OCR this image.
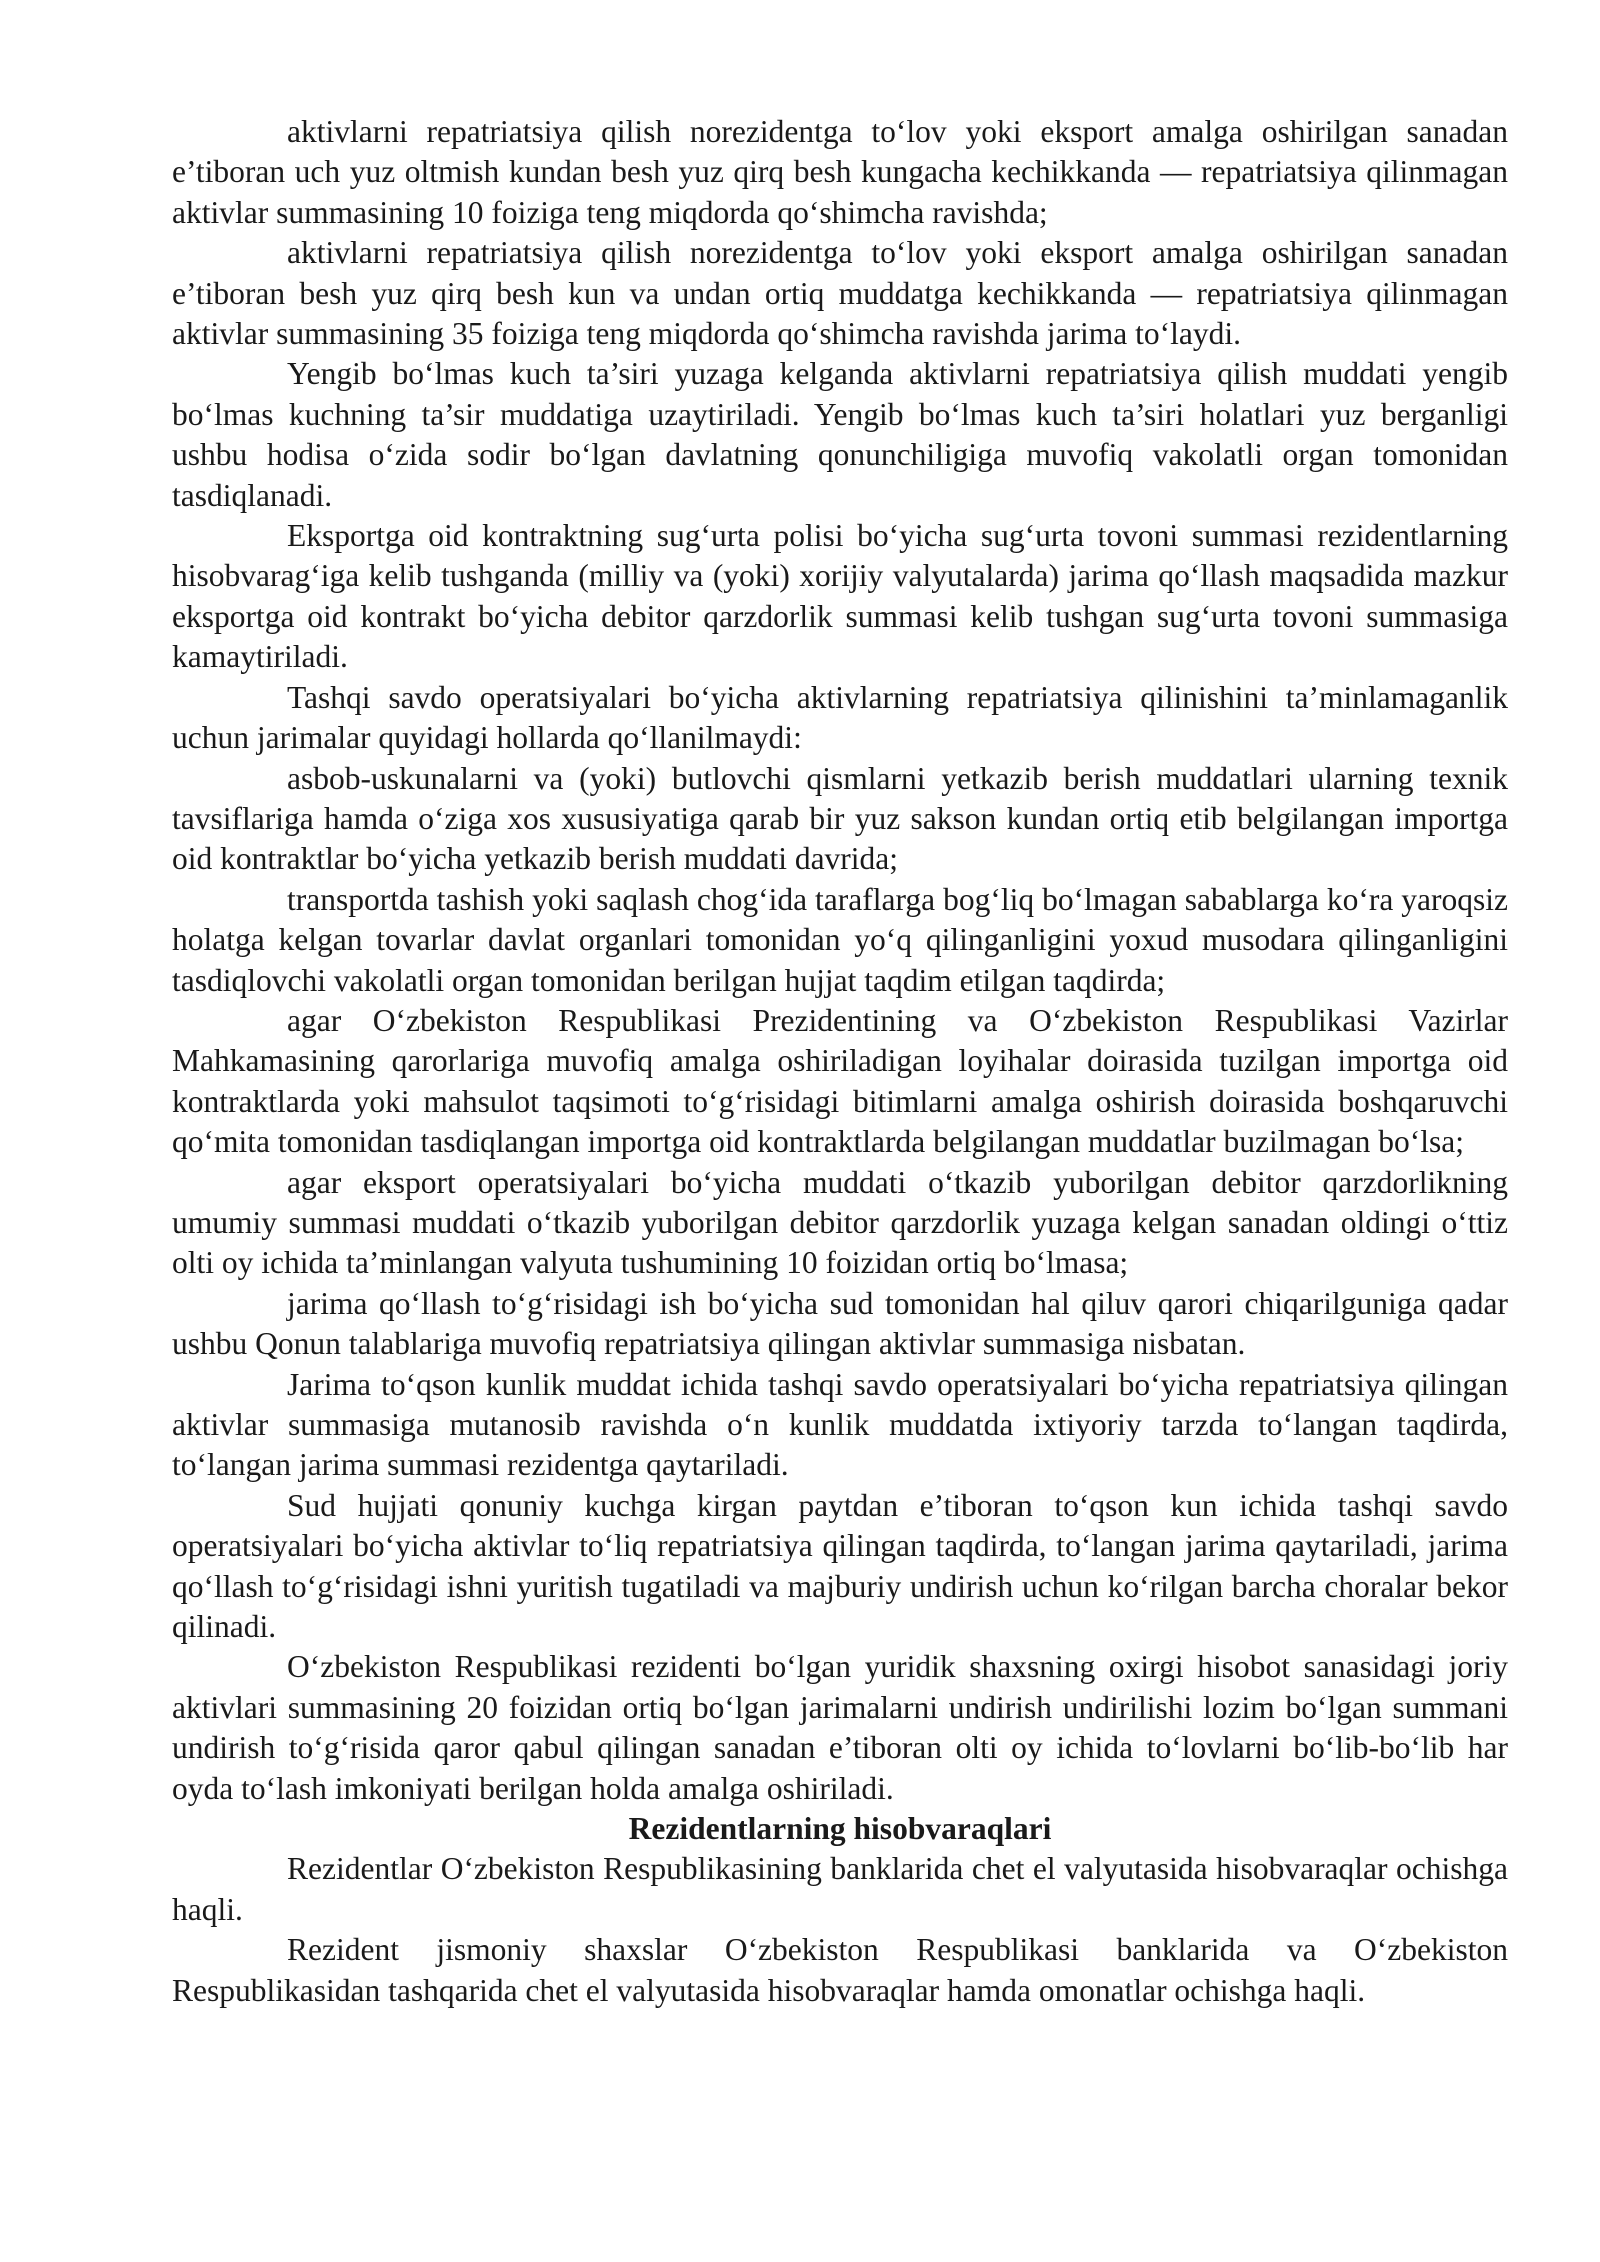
aktivlarni repatriatsiya qilish norezidentga to‘lov yoki eksport amalga oshirilgan sanadan e’tiboran uch yuz oltmish kundan besh yuz qirq besh kungacha kechikkanda — repatriatsiya qilinmagan aktivlar summasining 10 foiziga teng miqdorda qo‘shimcha ravishda;

aktivlarni repatriatsiya qilish norezidentga to‘lov yoki eksport amalga oshirilgan sanadan e’tiboran besh yuz qirq besh kun va undan ortiq muddatga kechikkanda — repatriatsiya qilinmagan aktivlar summasining 35 foiziga teng miqdorda qo‘shimcha ravishda jarima to‘laydi.

Yengib bo‘lmas kuch ta’siri yuzaga kelganda aktivlarni repatriatsiya qilish muddati yengib bo‘lmas kuchning ta’sir muddatiga uzaytiriladi. Yengib bo‘lmas kuch ta’siri holatlari yuz berganligi ushbu hodisa o‘zida sodir bo‘lgan davlatning qonunchiligiga muvofiq vakolatli organ tomonidan tasdiqlanadi.

Eksportga oid kontraktning sug‘urta polisi bo‘yicha sug‘urta tovoni summasi rezidentlarning hisobvarag‘iga kelib tushganda (milliy va (yoki) xorijiy valyutalarda) jarima qo‘llash maqsadida mazkur eksportga oid kontrakt bo‘yicha debitor qarzdorlik summasi kelib tushgan sug‘urta tovoni summasiga kamaytiriladi.

Tashqi savdo operatsiyalari bo‘yicha aktivlarning repatriatsiya qilinishini ta’minlamaganlik uchun jarimalar quyidagi hollarda qo‘llanilmaydi:

asbob-uskunalarni va (yoki) butlovchi qismlarni yetkazib berish muddatlari ularning texnik tavsiflariga hamda o‘ziga xos xususiyatiga qarab bir yuz sakson kundan ortiq etib belgilangan importga oid kontraktlar bo‘yicha yetkazib berish muddati davrida;

transportda tashish yoki saqlash chog‘ida taraflarga bog‘liq bo‘lmagan sabablarga ko‘ra yaroqsiz holatga kelgan tovarlar davlat organlari tomonidan yo‘q qilinganligini yoxud musodara qilinganligini tasdiqlovchi vakolatli organ tomonidan berilgan hujjat taqdim etilgan taqdirda;

agar O‘zbekiston Respublikasi Prezidentining va O‘zbekiston Respublikasi Vazirlar Mahkamasining qarorlariga muvofiq amalga oshiriladigan loyihalar doirasida tuzilgan importga oid kontraktlarda yoki mahsulot taqsimoti to‘g‘risidagi bitimlarni amalga oshirish doirasida boshqaruvchi qo‘mita tomonidan tasdiqlangan importga oid kontraktlarda belgilangan muddatlar buzilmagan bo‘lsa;

agar eksport operatsiyalari bo‘yicha muddati o‘tkazib yuborilgan debitor qarzdorlikning umumiy summasi muddati o‘tkazib yuborilgan debitor qarzdorlik yuzaga kelgan sanadan oldingi o‘ttiz olti oy ichida ta’minlangan valyuta tushumining 10 foizidan ortiq bo‘lmasa;

jarima qo‘llash to‘g‘risidagi ish bo‘yicha sud tomonidan hal qiluv qarori chiqarilguniga qadar ushbu Qonun talablariga muvofiq repatriatsiya qilingan aktivlar summasiga nisbatan.

Jarima to‘qson kunlik muddat ichida tashqi savdo operatsiyalari bo‘yicha repatriatsiya qilingan aktivlar summasiga mutanosib ravishda o‘n kunlik muddatda ixtiyoriy tarzda to‘langan taqdirda, to‘langan jarima summasi rezidentga qaytariladi.

Sud hujjati qonuniy kuchga kirgan paytdan e’tiboran to‘qson kun ichida tashqi savdo operatsiyalari bo‘yicha aktivlar to‘liq repatriatsiya qilingan taqdirda, to‘langan jarima qaytariladi, jarima qo‘llash to‘g‘risidagi ishni yuritish tugatiladi va majburiy undirish uchun ko‘rilgan barcha choralar bekor qilinadi.

O‘zbekiston Respublikasi rezidenti bo‘lgan yuridik shaxsning oxirgi hisobot sanasidagi joriy aktivlari summasining 20 foizidan ortiq bo‘lgan jarimalarni undirish undirilishi lozim bo‘lgan summani undirish to‘g‘risida qaror qabul qilingan sanadan e’tiboran olti oy ichida to‘lovlarni bo‘lib-bo‘lib har oyda to‘lash imkoniyati berilgan holda amalga oshiriladi.

Rezidentlarning hisobvaraqlari

Rezidentlar O‘zbekiston Respublikasining banklarida chet el valyutasida hisobvaraqlar ochishga haqli.

Rezident jismoniy shaxslar O‘zbekiston Respublikasi banklarida va O‘zbekiston Respublikasidan tashqarida chet el valyutasida hisobvaraqlar hamda omonatlar ochishga haqli.
